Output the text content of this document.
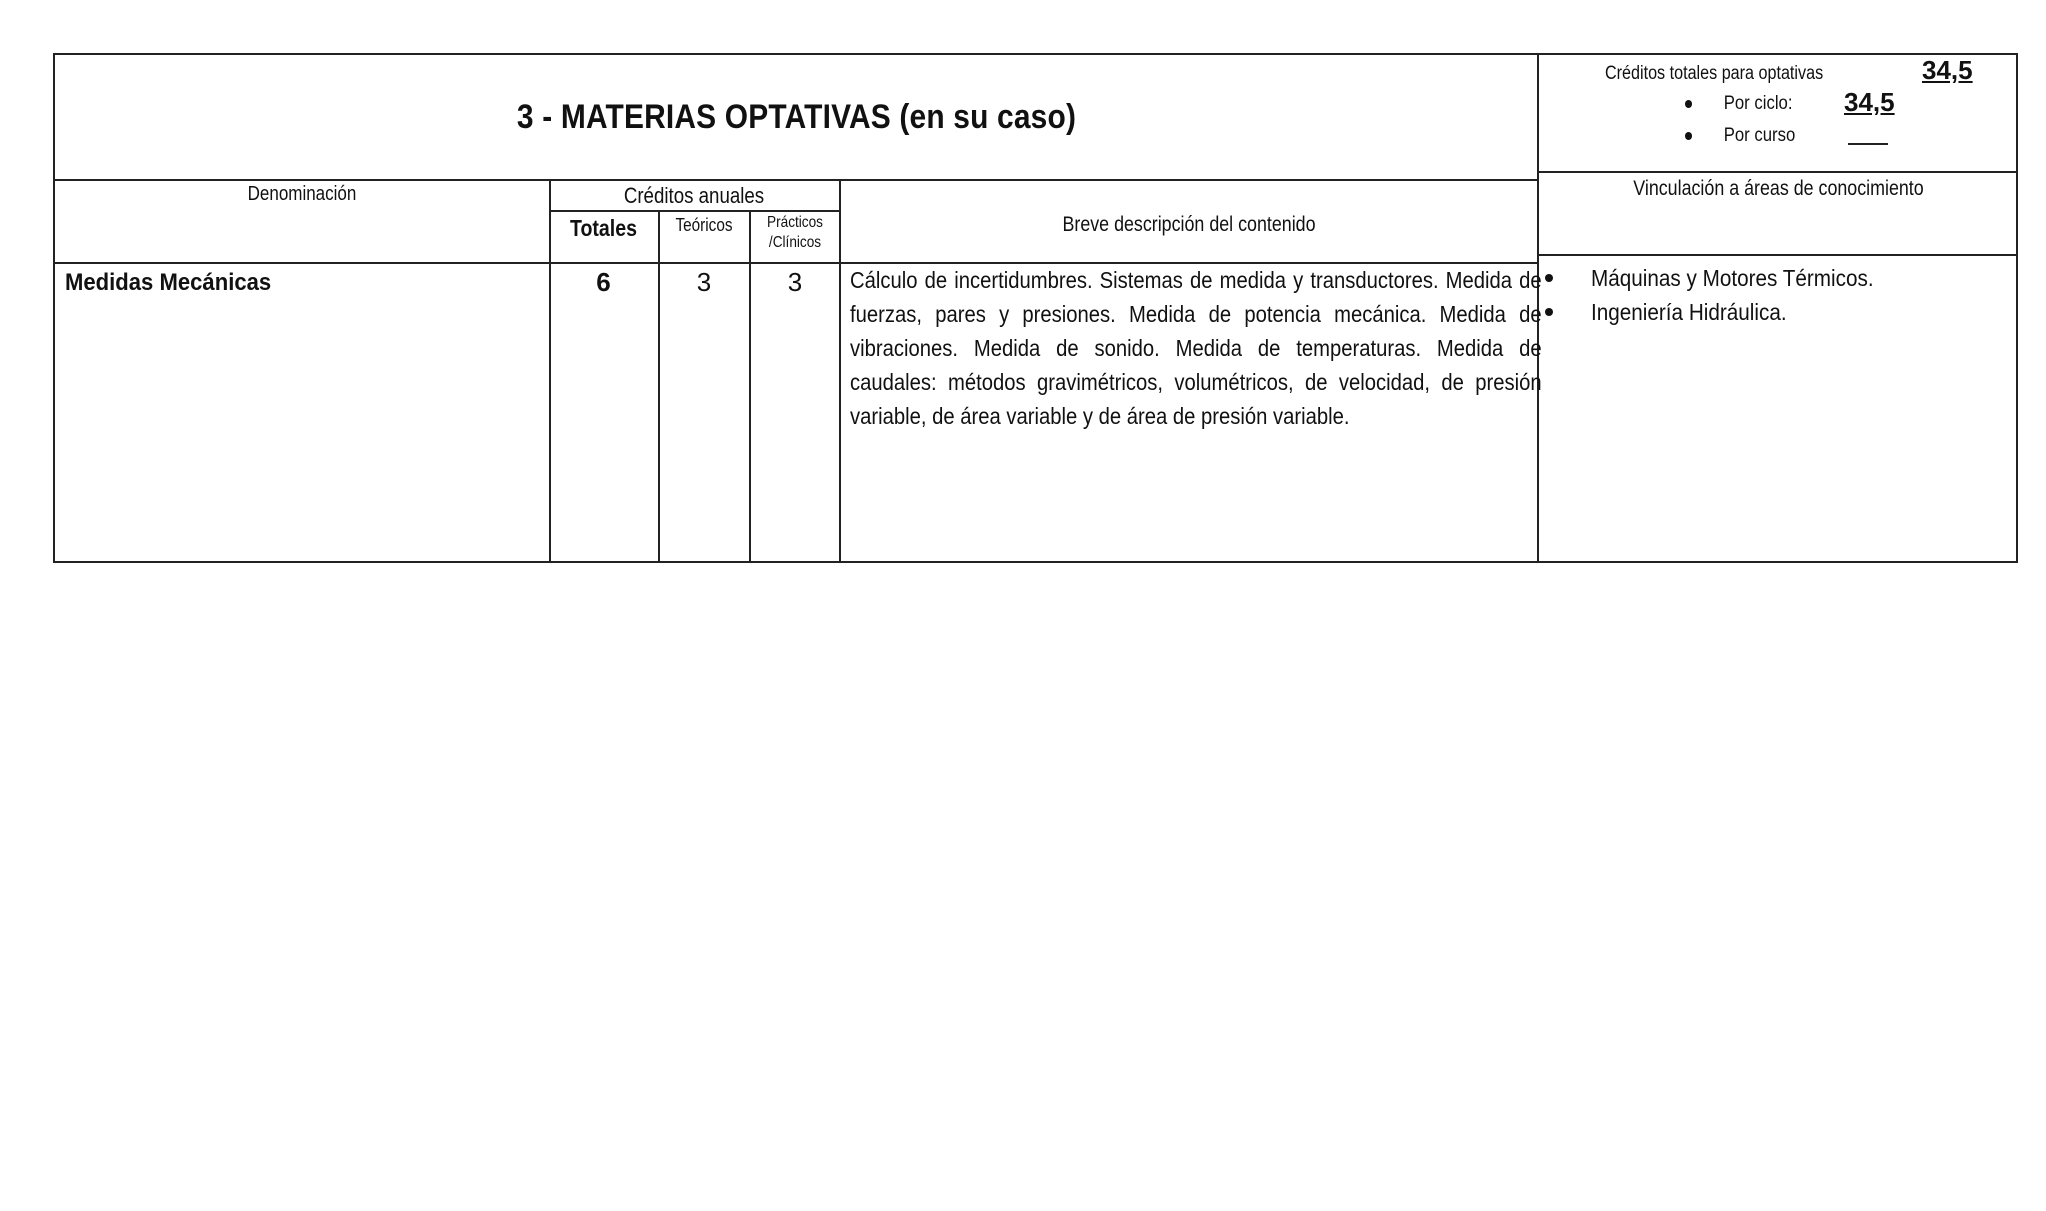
3 - MATERIAS OPTATIVAS (en su caso)
Créditos totales para optativas	34,5
Por ciclo: 34,5
Por curso
Denominación	Créditos anuales
Totales	Teóricos	Prácticos /Clínicos
Breve descripción del contenido
Vinculación a áreas de conocimiento
Medidas Mecánicas	6	3	3	Cálculo de incertidumbres. Sistemas de medida y transductores. Medida de fuerzas, pares y presiones. Medida de potencia mecánica. Medida de vibraciones. Medida de sonido. Medida de temperaturas. Medida de caudales: métodos gravimétricos, volumétricos, de velocidad, de presión variable, de área variable y de área de presión variable.
Máquinas y Motores Térmicos.
Ingeniería Hidráulica.
